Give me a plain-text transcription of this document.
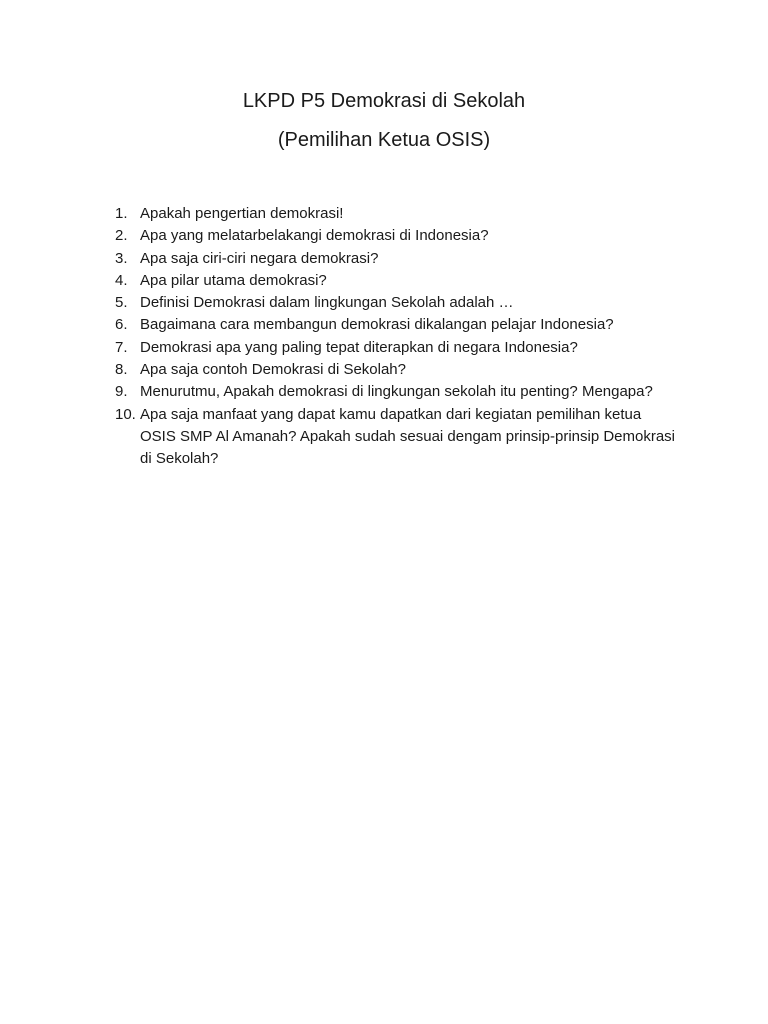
LKPD P5 Demokrasi di Sekolah
(Pemilihan Ketua OSIS)
1. Apakah pengertian demokrasi!
2. Apa yang melatarbelakangi demokrasi di Indonesia?
3. Apa saja ciri-ciri negara demokrasi?
4. Apa pilar utama demokrasi?
5. Definisi Demokrasi dalam lingkungan Sekolah adalah …
6. Bagaimana cara membangun demokrasi dikalangan pelajar Indonesia?
7. Demokrasi apa yang paling tepat diterapkan di negara Indonesia?
8. Apa saja contoh Demokrasi di Sekolah?
9. Menurutmu, Apakah demokrasi di lingkungan sekolah itu penting? Mengapa?
10. Apa saja manfaat yang dapat kamu dapatkan dari kegiatan pemilihan ketua OSIS SMP Al Amanah? Apakah sudah sesuai dengam prinsip-prinsip Demokrasi di Sekolah?
